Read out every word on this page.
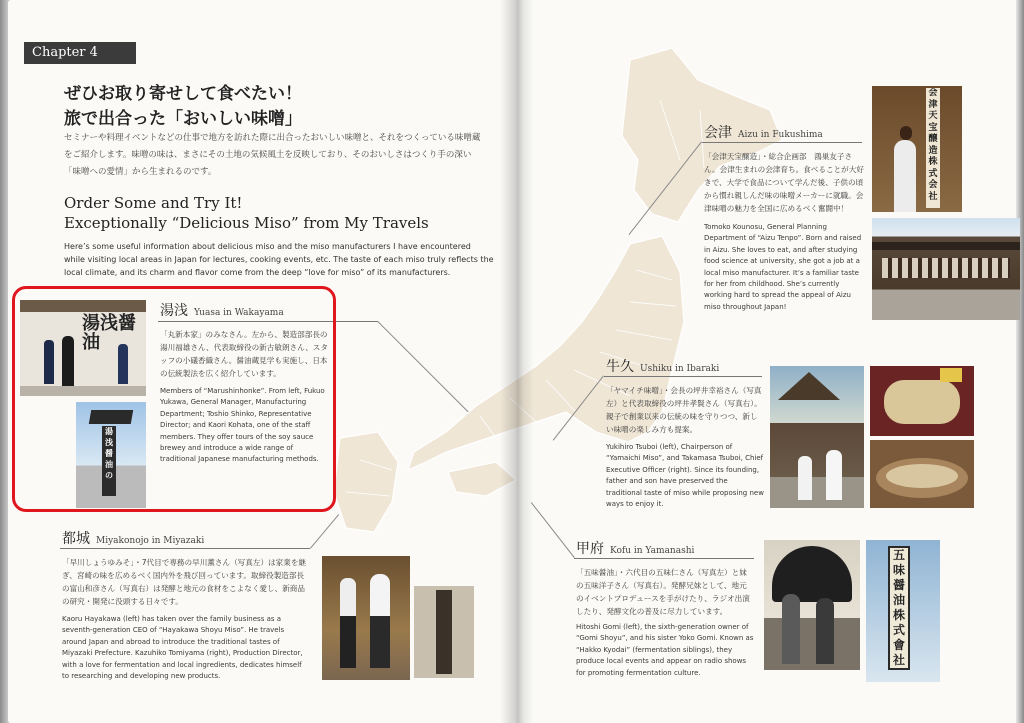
Chapter 4
ぜひお取り寄せして食べたい！
旅で出合った「おいしい味噌」
セミナーや料理イベントなどの仕事で地方を訪れた際に出合ったおいしい味噌と、それをつくっている味噌蔵をご紹介します。味噌の味は、まさにその土地の気候風土を反映しており、そのおいしさはつくり手の深い「味噌への愛情」から生まれるのです。
Order Some and Try It!
Exceptionally “Delicious Miso” from My Travels
Here’s some useful information about delicious miso and the miso manufacturers I have encountered while visiting local areas in Japan for lectures, cooking events, etc. The taste of each miso truly reflects the local climate, and its charm and flavor come from the deep “love for miso” of its manufacturers.
湯浅醤油
湯浅醤油の
湯浅 Yuasa in Wakayama
「丸新本家」のみなさん。左から、製造部部長の湯川福雄さん、代表取締役の新古敏朗さん、スタッフの小礒香織さん。醤油蔵見学も実施し、日本の伝統製法を広く紹介しています。
Members of “Marushinhonke”. From left, Fukuo Yukawa, General Manager, Manufacturing Department; Toshio Shinko, Representative Director; and Kaori Kohata, one of the staff members. They offer tours of the soy sauce brewey and introduce a wide range of traditional Japanese manufacturing methods.
都城 Miyakonojo in Miyazaki
「早川しょうゆみそ」・7代目で専務の早川薫さん（写真左）は家業を継ぎ、宮崎の味を広めるべく国内外を飛び回っています。取締役製造部長の富山和彦さん（写真右）は発酵と地元の食材をこよなく愛し、新商品の研究・開発に没頭する日々です。
Kaoru Hayakawa (left) has taken over the family business as a seventh-generation CEO of “Hayakawa Shoyu Miso”. He travels around Japan and abroad to introduce the traditional tastes of Miyazaki Prefecture. Kazuhiko Tomiyama (right), Production Director, with a love for fermentation and local ingredients, dedicates himself to researching and developing new products.
会津 Aizu in Fukushima
「会津天宝醸造」・総合企画部　鴻巣友子さん。会津生まれの会津育ち。食べることが大好きで、大学で食品について学んだ後、子供の頃から慣れ親しんだ味の味噌メーカーに就職。会津味噌の魅力を全国に広めるべく奮闘中！
Tomoko Kounosu, General Planning Department of “Aizu Tenpo”. Born and raised in Aizu. She loves to eat, and after studying food science at university, she got a job at a local miso manufacturer. It’s a familiar taste for her from childhood. She’s currently working hard to spread the appeal of Aizu miso throughout Japan!
会津天宝醸造株式会社
牛久 Ushiku in Ibaraki
「ヤマイチ味噌」・会長の坪井幸裕さん（写真左）と代表取締役の坪井孝賢さん（写真右）。親子で創業以来の伝統の味を守りつつ、新しい味噌の楽しみ方も提案。
Yukihiro Tsuboi (left), Chairperson of “Yamaichi Miso”, and Takamasa Tsuboi, Chief Executive Officer (right). Since its founding, father and son have preserved the traditional taste of miso while proposing new ways to enjoy it.
甲府 Kofu in Yamanashi
「五味醤油」・六代目の五味仁さん（写真左）と妹の五味洋子さん（写真右）。発酵兄妹として、地元のイベントプロデュースを手がけたり、ラジオ出演したり、発酵文化の普及に尽力しています。
Hitoshi Gomi (left), the sixth-generation owner of “Gomi Shoyu”, and his sister Yoko Gomi. Known as “Hakko Kyodai” (fermentation siblings), they produce local events and appear on radio shows for promoting fermentation culture.
五味醤油株式會社
